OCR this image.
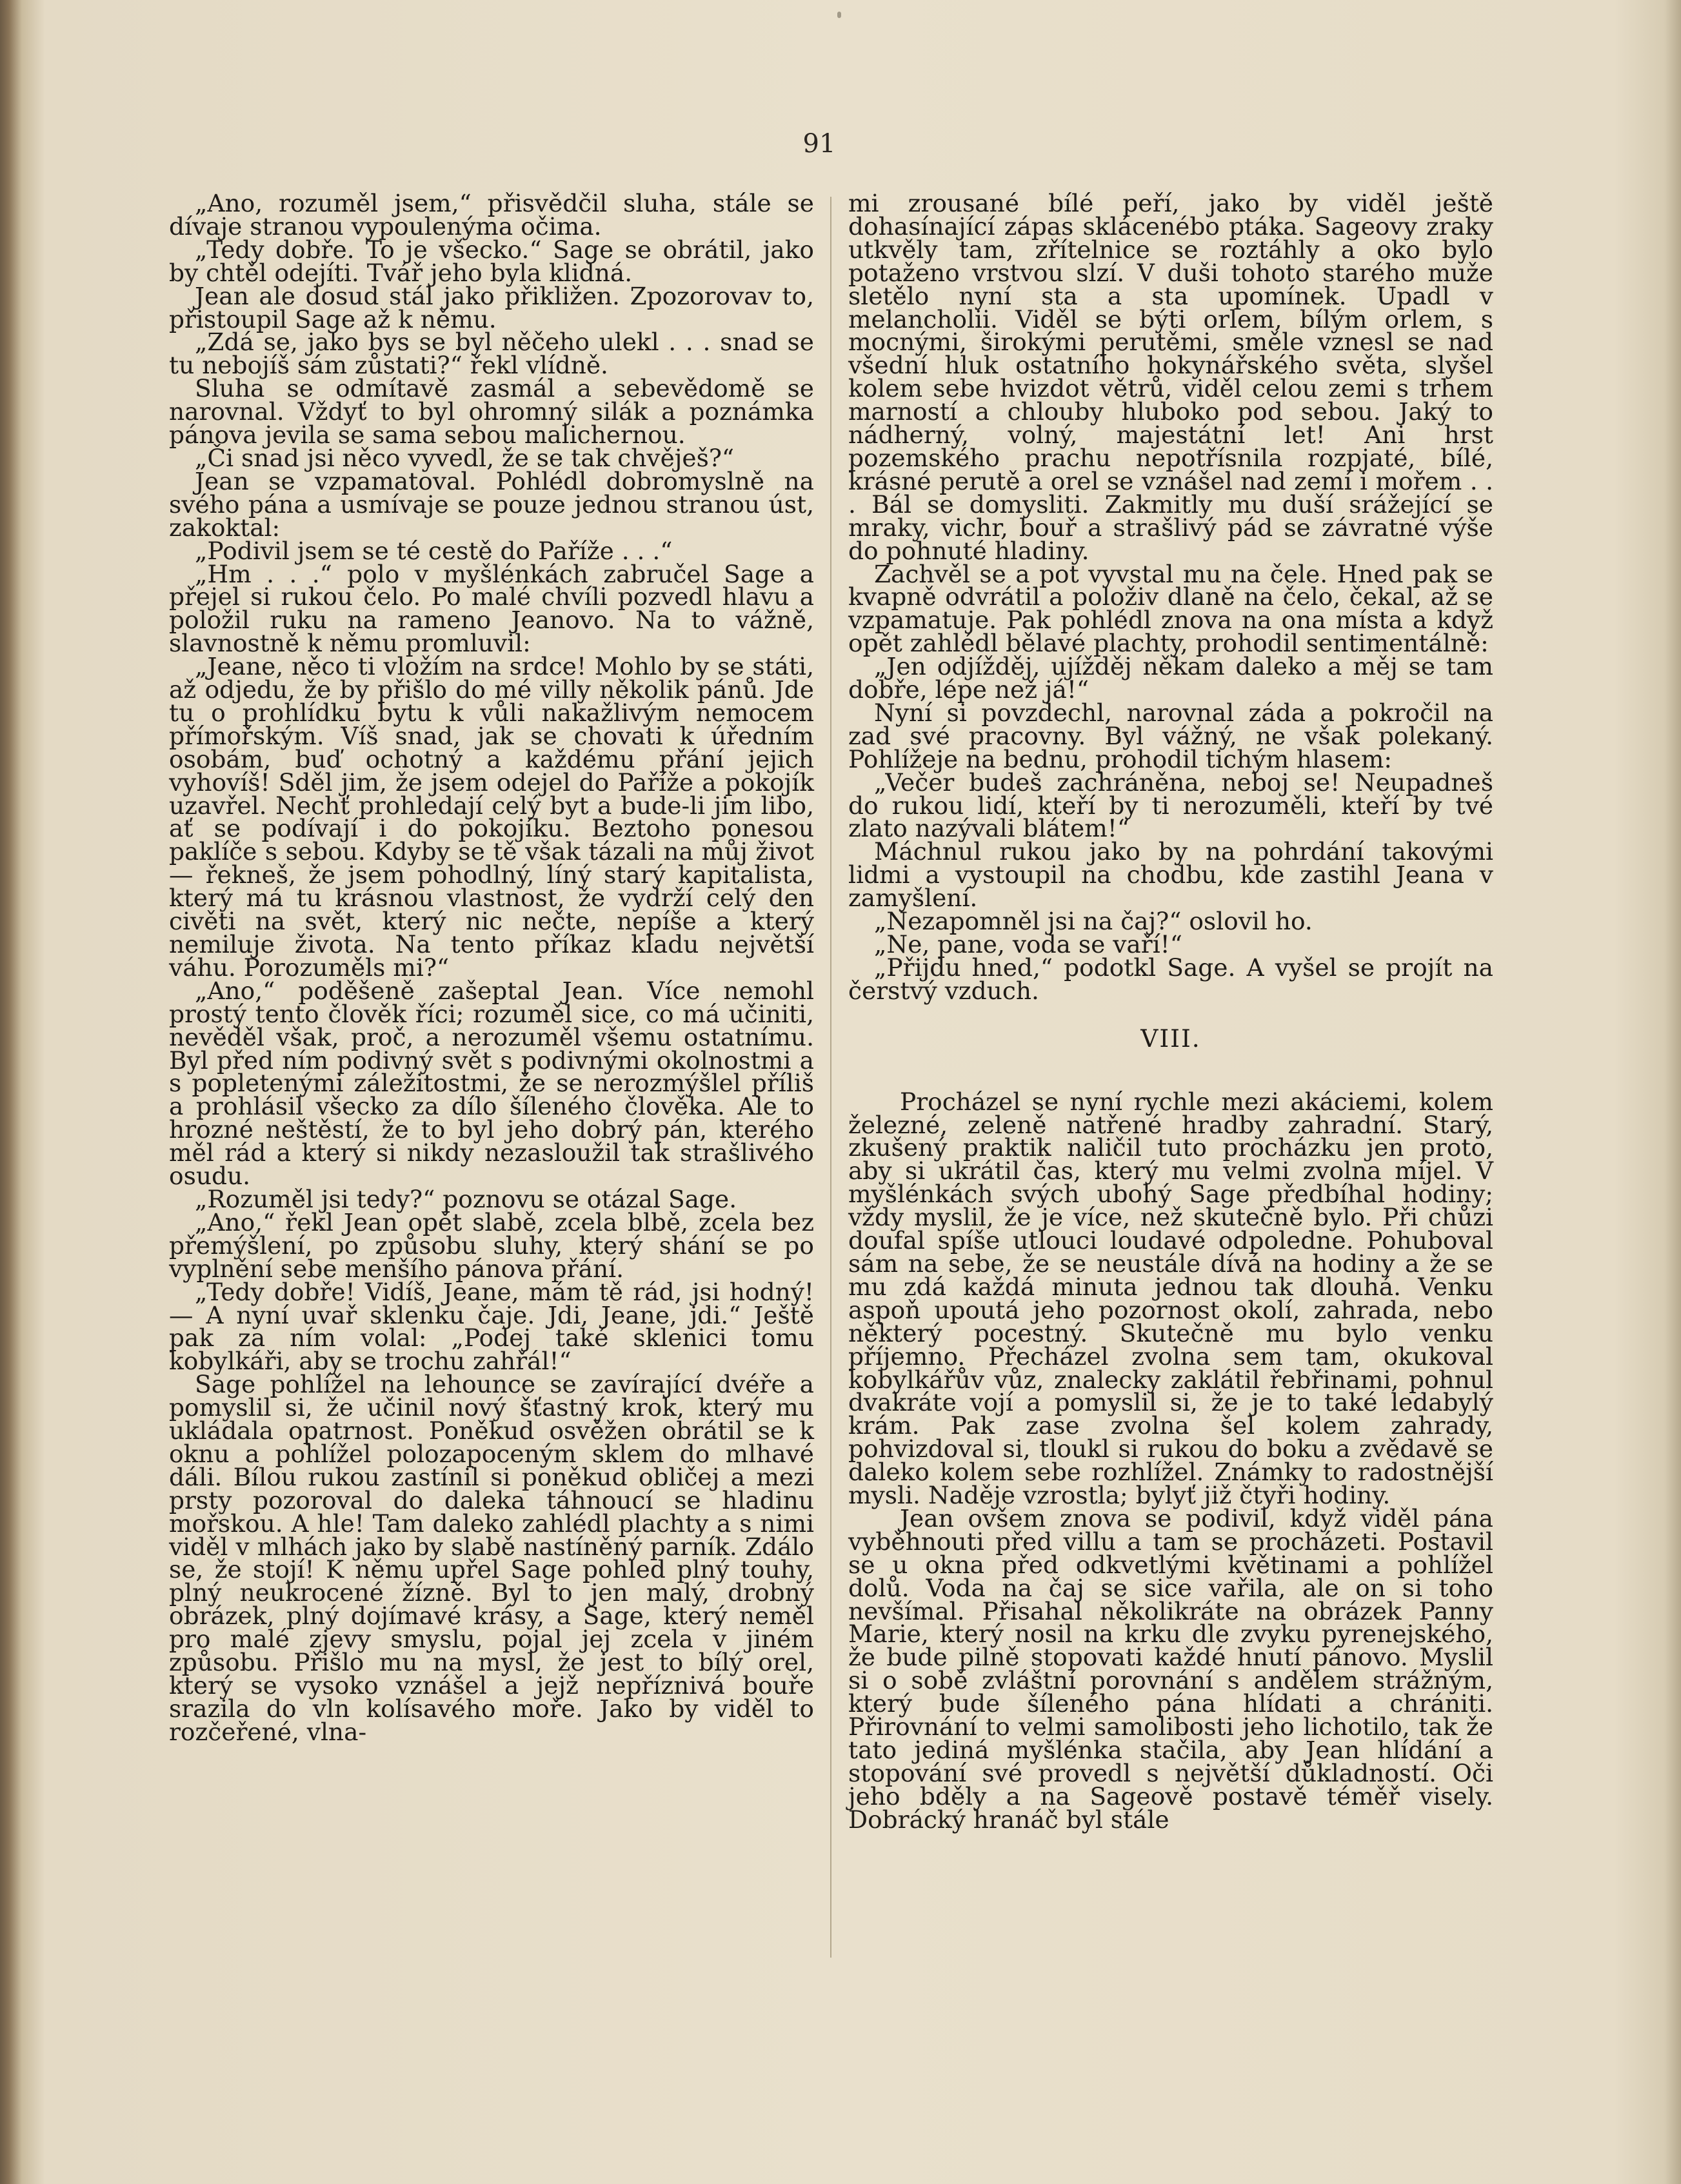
91

„Ano, rozuměl jsem,“ přisvědčil sluha, stále se dívaje stranou vypoulenýma očima.

„Tedy dobře. To je všecko.“ Sage se obrátil, jako by chtěl odejíti. Tvář jeho byla klidná.

Jean ale dosud stál jako přikližen. Zpozorovav to, přistoupil Sage až k němu.

„Zdá se, jako bys se byl něčeho ulekl . . . snad se tu nebojíš sám zůstati?“ řekl vlídně.

Sluha se odmítavě zasmál a sebevědomě se narovnal. Vždyť to byl ohromný silák a poznámka pánova jevila se sama sebou malichernou.

„Či snad jsi něco vyvedl, že se tak chvěješ?“

Jean se vzpamatoval. Pohlédl dobromyslně na svého pána a usmívaje se pouze jednou stranou úst, zakoktal:

„Podivil jsem se té cestě do Paříže . . .“

„Hm . . .“ polo v myšlénkách zabručel Sage a přejel si rukou čelo. Po malé chvíli pozvedl hlavu a položil ruku na rameno Jeanovo. Na to vážně, slavnostně k němu promluvil:

„Jeane, něco ti vložím na srdce! Mohlo by se státi, až odjedu, že by přišlo do mé villy několik pánů. Jde tu o prohlídku bytu k vůli nakažlivým nemocem přímořským. Víš snad, jak se chovati k úředním osobám, buď ochotný a každému přání jejich vyhovíš! Sděl jim, že jsem odejel do Paříže a pokojík uzavřel. Nechť prohledají celý byt a bude-li jim libo, ať se podívají i do pokojíku. Beztoho ponesou paklíče s sebou. Kdyby se tě však tázali na můj život — řekneš, že jsem pohodlný, líný starý kapitalista, který má tu krásnou vlastnost, že vydrží celý den civěti na svět, který nic nečte, nepíše a který nemiluje života. Na tento příkaz kladu největší váhu. Porozuměls mi?“

„Ano,“ poděšeně zašeptal Jean. Více nemohl prostý tento člověk říci; rozuměl sice, co má učiniti, nevěděl však, proč, a nerozuměl všemu ostatnímu. Byl před ním podivný svět s podivnými okolnostmi a s popletenými záležitostmi, že se nerozmýšlel příliš a prohlásil všecko za dílo šíleného člověka. Ale to hrozné neštěstí, že to byl jeho dobrý pán, kterého měl rád a který si nikdy nezasloužil tak strašlivého osudu.

„Rozuměl jsi tedy?“ poznovu se otázal Sage.

„Ano,“ řekl Jean opět slabě, zcela blbě, zcela bez přemýšlení, po způsobu sluhy, který shání se po vyplnění sebe menšího pánova přání.

„Tedy dobře! Vidíš, Jeane, mám tě rád, jsi hodný! — A nyní uvař sklenku čaje. Jdi, Jeane, jdi.“ Ještě pak za ním volal: „Podej také sklenici tomu kobylkáři, aby se trochu zahřál!“

Sage pohlížel na lehounce se zavírající dvéře a pomyslil si, že učinil nový šťastný krok, který mu ukládala opatrnost. Poněkud osvěžen obrátil se k oknu a pohlížel polozapoceným sklem do mlhavé dáli. Bílou rukou zastínil si poněkud obličej a mezi prsty pozoroval do daleka táhnoucí se hladinu mořskou. A hle! Tam daleko zahlédl plachty a s nimi viděl v mlhách jako by slabě nastíněný parník. Zdálo se, že stojí! K němu upřel Sage pohled plný touhy, plný neukrocené žízně. Byl to jen malý, drobný obrázek, plný dojímavé krásy, a Sage, který neměl pro malé zjevy smyslu, pojal jej zcela v jiném způsobu. Přišlo mu na mysl, že jest to bílý orel, který se vysoko vznášel a jejž nepříznivá bouře srazila do vln kolísavého moře. Jako by viděl to rozčeřené, vlna-

mi zrousané bílé peří, jako by viděl ještě dohasínající zápas sklácenébo ptáka. Sageovy zraky utkvěly tam, zřítelnice se roztáhly a oko bylo potaženo vrstvou slzí. V duši tohoto starého muže sletělo nyní sta a sta upomínek. Upadl v melancholii. Viděl se býti orlem, bílým orlem, s mocnými, širokými perutěmi, směle vznesl se nad všední hluk ostatního hokynářského světa, slyšel kolem sebe hvizdot větrů, viděl celou zemi s trhem marností a chlouby hluboko pod sebou. Jaký to nádherný, volný, majestátní let! Ani hrst pozemského prachu nepotřísnila rozpjaté, bílé, krásné perutě a orel se vznášel nad zemí i mořem . . . Bál se domysliti. Zakmitly mu duší srážející se mraky, vichr, bouř a strašlivý pád se závratné výše do pohnuté hladiny.

Zachvěl se a pot vyvstal mu na čele. Hned pak se kvapně odvrátil a položiv dlaně na čelo, čekal, až se vzpamatuje. Pak pohlédl znova na ona místa a když opět zahlédl bělavé plachty, prohodil sentimentálně:

„Jen odjížděj, ujížděj někam daleko a měj se tam dobře, lépe než já!“

Nyní si povzdechl, narovnal záda a pokročil na zad své pracovny. Byl vážný, ne však polekaný. Pohlížeje na bednu, prohodil tichým hlasem:

„Večer budeš zachráněna, neboj se! Neupadneš do rukou lidí, kteří by ti nerozuměli, kteří by tvé zlato nazývali blátem!“

Máchnul rukou jako by na pohrdání takovými lidmi a vystoupil na chodbu, kde zastihl Jeana v zamyšlení.

„Nezapomněl jsi na čaj?“ oslovil ho.

„Ne, pane, voda se vaří!“

„Přijdu hned,“ podotkl Sage. A vyšel se projít na čerstvý vzduch.

VIII.

Procházel se nyní rychle mezi akáciemi, kolem železné, zeleně natřené hradby zahradní. Starý, zkušený praktik naličil tuto procházku jen proto, aby si ukrátil čas, který mu velmi zvolna míjel. V myšlénkách svých ubohý Sage předbíhal hodiny; vždy myslil, že je více, než skutečně bylo. Při chůzi doufal spíše utlouci loudavé odpoledne. Pohuboval sám na sebe, že se neustále dívá na hodiny a že se mu zdá každá minuta jednou tak dlouhá. Venku aspoň upoutá jeho pozornost okolí, zahrada, nebo některý pocestný. Skutečně mu bylo venku příjemno. Přecházel zvolna sem tam, okukoval kobylkářův vůz, znalecky zaklátil řebřinami, pohnul dvakráte vojí a pomyslil si, že je to také ledabylý krám. Pak zase zvolna šel kolem zahrady, pohvizdoval si, tloukl si rukou do boku a zvědavě se dalekо kolem sebe rozhlížel. Známky to radostnější mysli. Naděje vzrostla; bylyť již čtyři hodiny.

Jean ovšem znova se podivil, když viděl pána vyběhnouti před villu a tam se procházeti. Postavil se u okna před odkvetlými květinami a pohlížel dolů. Voda na čaj se sice vařila, ale on si toho nevšímal. Přisahal několikráte na obrázek Panny Marie, který nosil na krku dle zvyku pyrenejského, že bude pilně stopovati každé hnutí pánovo. Myslil si o sobě zvláštní porovnání s andělem strážným, který bude šíleného pána hlídati a chrániti. Přirovnání to velmi samolibosti jeho lichotilo, tak že tato jediná myšlénka stačila, aby Jean hlídání a stopování své provedl s největší důkladností. Oči jeho bděly a na Sageově postavě téměř visely. Dobrácký hranáč byl stále
